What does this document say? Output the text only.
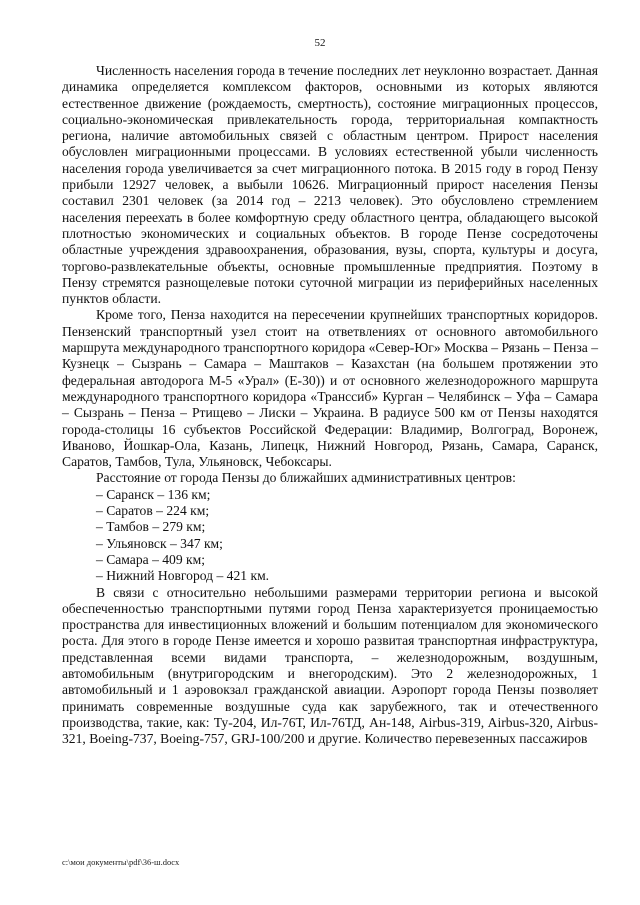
52

Численность населения города в течение последних лет неуклонно возрастает. Данная динамика определяется комплексом факторов, основными из которых являются естественное движение (рождаемость, смертность), состояние миграционных процессов, социально-экономическая привлекательность города, территориальная компактность региона, наличие автомобильных связей с областным центром. Прирост населения обусловлен миграционными процессами. В условиях естественной убыли численность населения города увеличивается за счет миграционного потока. В 2015 году в город Пензу прибыли 12927 человек, а выбыли 10626. Миграционный прирост населения Пензы составил 2301 человек (за 2014 год – 2213 человек). Это обусловлено стремлением населения переехать в более комфортную среду областного центра, обладающего высокой плотностью экономических и социальных объектов. В городе Пензе сосредоточены областные учреждения здравоохранения, образования, вузы, спорта, культуры и досуга, торгово-развлекательные объекты, основные промышленные предприятия. Поэтому в Пензу стремятся разнощелевые потоки суточной миграции из периферийных населенных пунктов области.

Кроме того, Пенза находится на пересечении крупнейших транспортных коридоров. Пензенский транспортный узел стоит на ответвлениях от основного автомобильного маршрута международного транспортного коридора «Север-Юг» Москва – Рязань – Пенза – Кузнецк – Сызрань – Самара – Маштаков – Казахстан (на большем протяжении это федеральная автодорога М-5 «Урал» (Е-30)) и от основного железнодорожного маршрута международного транспортного коридора «Транссиб» Курган – Челябинск – Уфа – Самара – Сызрань – Пенза – Ртищево – Лиски – Украина. В радиусе 500 км от Пензы находятся города-столицы 16 субъектов Российской Федерации: Владимир, Волгоград, Воронеж, Иваново, Йошкар-Ола, Казань, Липецк, Нижний Новгород, Рязань, Самара, Саранск, Саратов, Тамбов, Тула, Ульяновск, Чебоксары.

Расстояние от города Пензы до ближайших административных центров:

– Саранск – 136 км;
– Саратов – 224 км;
– Тамбов – 279 км;
– Ульяновск – 347 км;
– Самара – 409 км;
– Нижний Новгород – 421 км.

В связи с относительно небольшими размерами территории региона и высокой обеспеченностью транспортными путями город Пенза характеризуется проницаемостью пространства для инвестиционных вложений и большим потенциалом для экономического роста. Для этого в городе Пензе имеется и хорошо развитая транспортная инфраструктура, представленная всеми видами транспорта, – железнодорожным, воздушным, автомобильным (внутригородским и внегородским). Это 2 железнодорожных, 1 автомобильный и 1 аэровокзал гражданской авиации. Аэропорт города Пензы позволяет принимать современные воздушные суда как зарубежного, так и отечественного производства, такие, как: Ту-204, Ил-76Т, Ил-76ТД, Ан-148, Airbus-319, Airbus-320, Airbus-321, Boeing-737, Boeing-757, GRJ-100/200 и другие. Количество перевезенных пассажиров

c:\мои документы\pdf\36-ш.docx
